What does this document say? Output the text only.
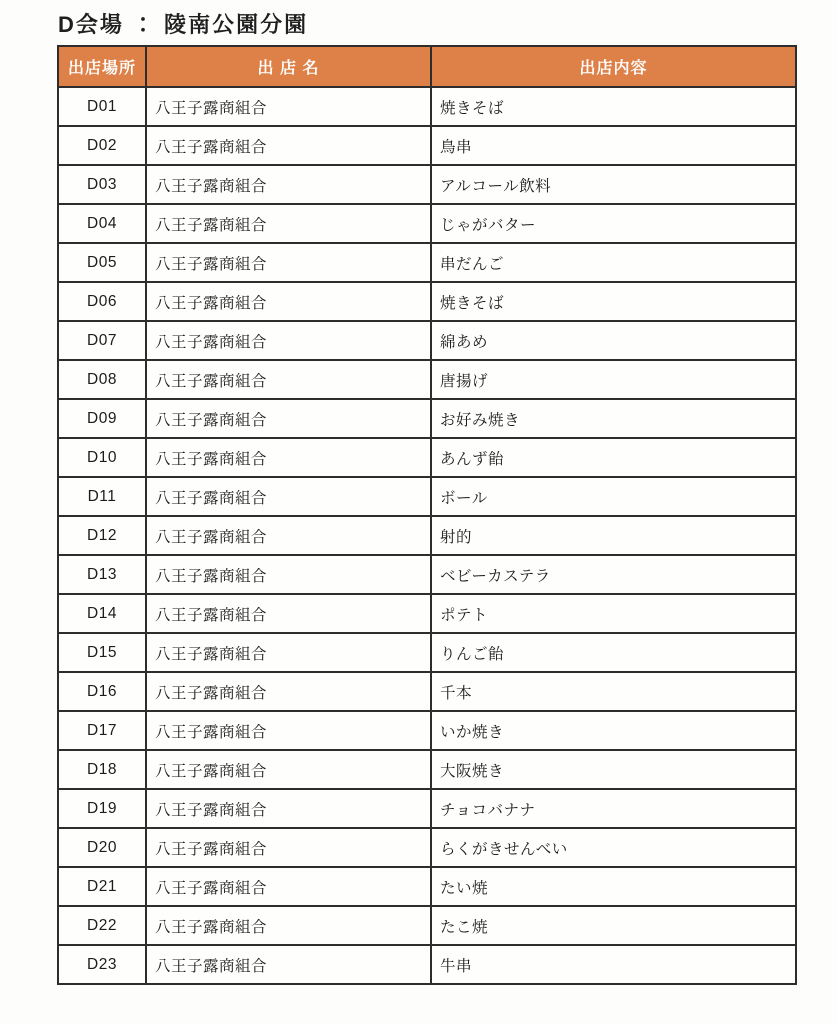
D会場 ： 陵南公園分園
出店場所	出 店 名	出店内容
D01	八王子露商組合	焼きそば
D02	八王子露商組合	鳥串
D03	八王子露商組合	アルコール飲料
D04	八王子露商組合	じゃがバター
D05	八王子露商組合	串だんご
D06	八王子露商組合	焼きそば
D07	八王子露商組合	綿あめ
D08	八王子露商組合	唐揚げ
D09	八王子露商組合	お好み焼き
D10	八王子露商組合	あんず飴
D11	八王子露商組合	ボール
D12	八王子露商組合	射的
D13	八王子露商組合	ベビーカステラ
D14	八王子露商組合	ポテト
D15	八王子露商組合	りんご飴
D16	八王子露商組合	千本
D17	八王子露商組合	いか焼き
D18	八王子露商組合	大阪焼き
D19	八王子露商組合	チョコバナナ
D20	八王子露商組合	らくがきせんべい
D21	八王子露商組合	たい焼
D22	八王子露商組合	たこ焼
D23	八王子露商組合	牛串
